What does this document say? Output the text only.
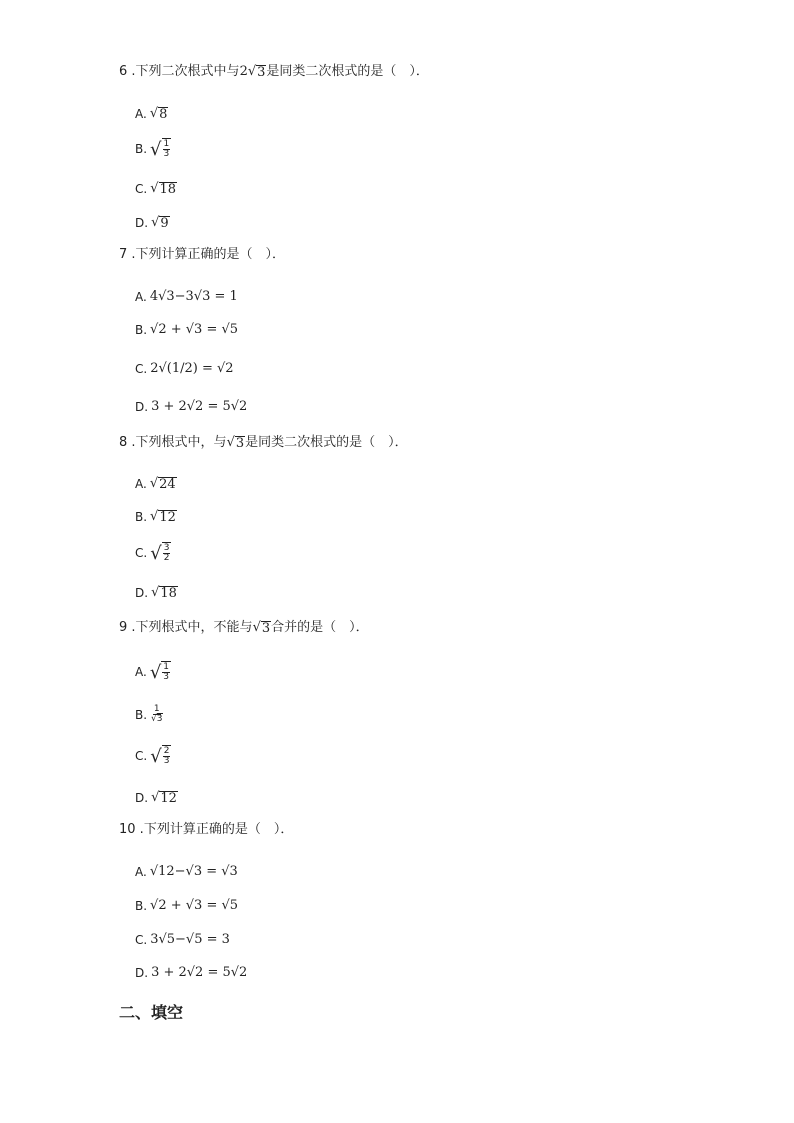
6 .下列二次根式中与 2 √ 3 是同类二次根式的是（　）．
A. √ 8
B. √ $\frac{1}{3}$
C. √ 18
D. √ 9
7 .下列计算正确的是（　）．
A. 4√3−3√3 = 1
B. √2 + √3 = √5
C. 2√(1/2) = √2
D. 3 + 2√2 = 5√2
8 .下列根式中，与 √ 3 是同类二次根式的是（　）．
A. √ 24
B. √ 12
C. √ $\frac{3}{2}$
D. √ 18
9 .下列根式中，不能与 √ 3 合并的是（　）．
A. √ $\frac{1}{3}$
B. $\frac{1}{√3}$
C. √ $\frac{2}{3}$
D. √ 12
10 .下列计算正确的是（　）．
A. √12−√3 = √3
B. √2 + √3 = √5
C. 3√5−√5 = 3
D. 3 + 2√2 = 5√2
二、填空
